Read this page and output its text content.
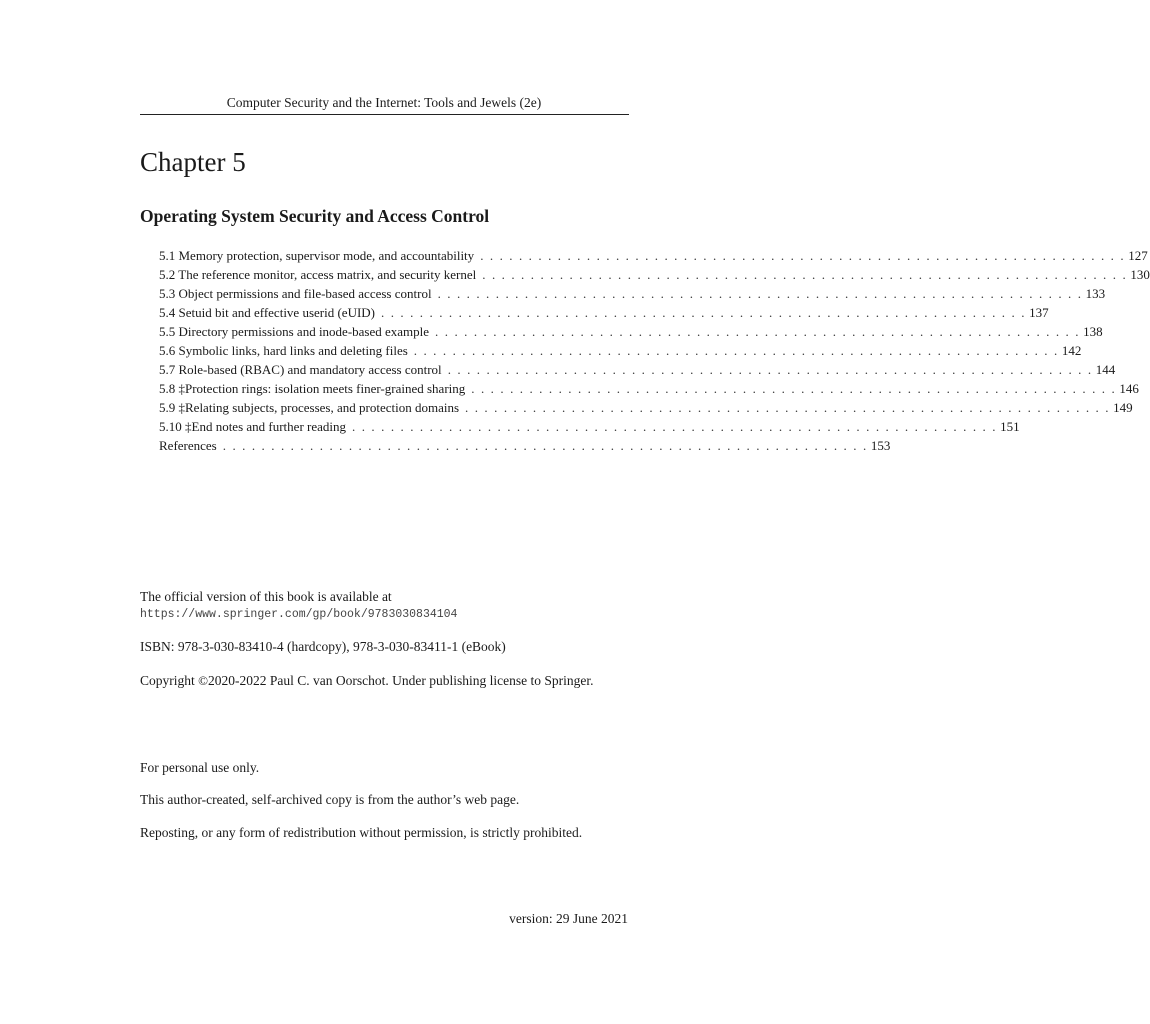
Computer Security and the Internet: Tools and Jewels (2e)
Chapter 5
Operating System Security and Access Control
5.1 Memory protection, supervisor mode, and accountability . . . . . . . . . . . . . . . . . . . . . . . . . . . . . . . . . . . . . . . . . . . . . . . . . . . . . . . . . . . . . . . . . . . 127
5.2 The reference monitor, access matrix, and security kernel . . . . . . . . . . . . . . . . . . . . . . . . . . . . . . . . . . . . . . . . . . . . . . . . . . . . . . . . . . . . . . . . . . . 130
5.3 Object permissions and file-based access control . . . . . . . . . . . . . . . . . . . . . . . . . . . . . . . . . . . . . . . . . . . . . . . . . . . . . . . . . . . . . . . . . . . 133
5.4 Setuid bit and effective userid (eUID) . . . . . . . . . . . . . . . . . . . . . . . . . . . . . . . . . . . . . . . . . . . . . . . . . . . . . . . . . . . . . . . . . . . 137
5.5 Directory permissions and inode-based example . . . . . . . . . . . . . . . . . . . . . . . . . . . . . . . . . . . . . . . . . . . . . . . . . . . . . . . . . . . . . . . . . . . 138
5.6 Symbolic links, hard links and deleting files . . . . . . . . . . . . . . . . . . . . . . . . . . . . . . . . . . . . . . . . . . . . . . . . . . . . . . . . . . . . . . . . . . . 142
5.7 Role-based (RBAC) and mandatory access control . . . . . . . . . . . . . . . . . . . . . . . . . . . . . . . . . . . . . . . . . . . . . . . . . . . . . . . . . . . . . . . . . . . 144
5.8 ‡Protection rings: isolation meets finer-grained sharing . . . . . . . . . . . . . . . . . . . . . . . . . . . . . . . . . . . . . . . . . . . . . . . . . . . . . . . . . . . . . . . . . . . 146
5.9 ‡Relating subjects, processes, and protection domains . . . . . . . . . . . . . . . . . . . . . . . . . . . . . . . . . . . . . . . . . . . . . . . . . . . . . . . . . . . . . . . . . . . 149
5.10 ‡End notes and further reading . . . . . . . . . . . . . . . . . . . . . . . . . . . . . . . . . . . . . . . . . . . . . . . . . . . . . . . . . . . . . . . . . . . 151
References . . . . . . . . . . . . . . . . . . . . . . . . . . . . . . . . . . . . . . . . . . . . . . . . . . . . . . . . . . . . . . . . . . . 153
The official version of this book is available at
https://www.springer.com/gp/book/9783030834104
ISBN: 978-3-030-83410-4 (hardcopy), 978-3-030-83411-1 (eBook)
Copyright ©2020-2022 Paul C. van Oorschot. Under publishing license to Springer.
For personal use only.
This author-created, self-archived copy is from the author’s web page.
Reposting, or any form of redistribution without permission, is strictly prohibited.
version: 29 June 2021
